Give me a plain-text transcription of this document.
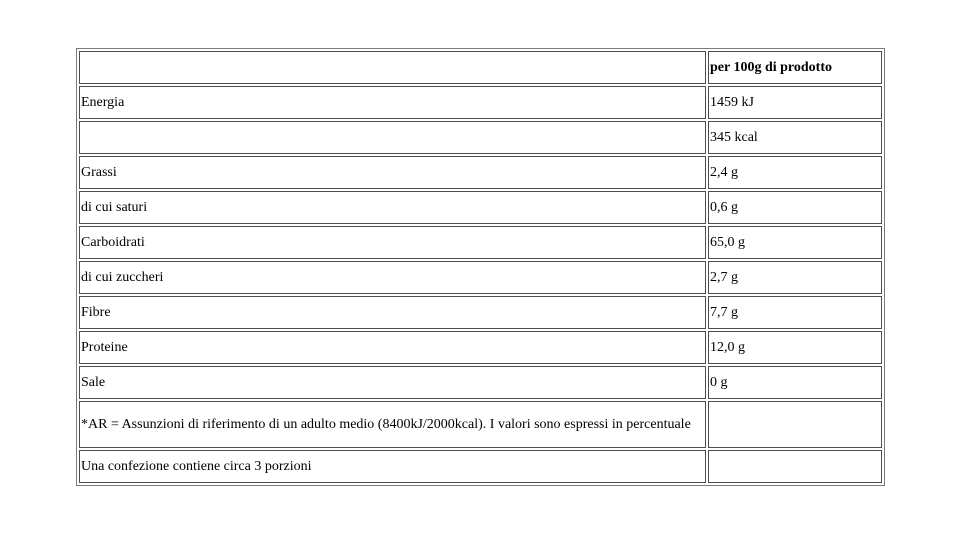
	per 100g di prodotto
Energia	1459 kJ
	345 kcal
Grassi	2,4 g
di cui saturi	0,6 g
Carboidrati	65,0 g
di cui zuccheri	2,7 g
Fibre	7,7 g
Proteine	12,0 g
Sale	0 g
*AR = Assunzioni di riferimento di un adulto medio (8400kJ/2000kcal). I valori sono espressi in percentuale	
Una confezione contiene circa 3 porzioni	
